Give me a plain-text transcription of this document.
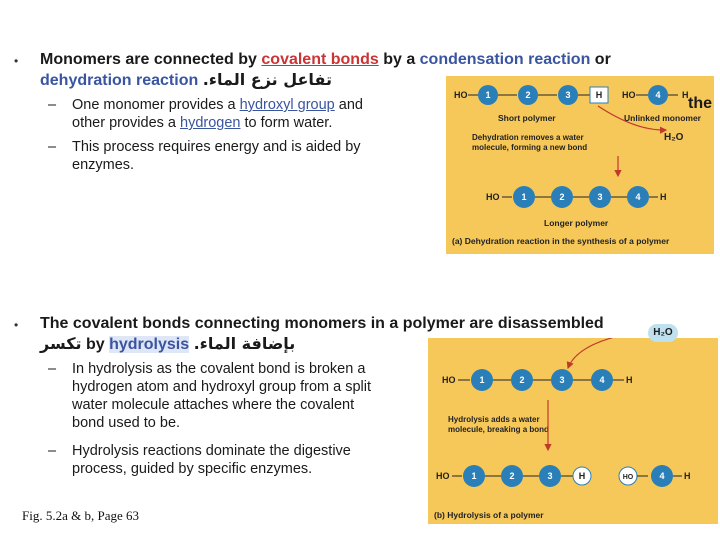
• Monomers are connected by covalent bonds by a condensation reaction or
dehydration reaction تفاعل نزع الماء.
–	One monomer provides a hydroxyl group and
other provides a hydrogen to form water.
–	This process requires energy and is aided by
enzymes.
HO 1	2	3	H HO 4 H
Short polymer	Unlinked monomer
Dehydration removes a water
molecule, forming a new bond
H₂O
HO 1	2	3	4 H
Longer polymer
(a) Dehydration reaction in the synthesis of a polymer
the
• The covalent bonds connecting monomers in a polymer are disassembled
تكسر by hydrolysis بإضافة الماء.
–	In hydrolysis as the covalent bond is broken a
hydrogen atom and hydroxyl group from a split
water molecule attaches where the covalent
bond used to be.
–	Hydrolysis reactions dominate the digestive
process, guided by specific enzymes.
HO	1	2	3	4 H
Hydrolysis adds a water
molecule, breaking a bond
HO 1	2	3	H	HO	4 H
(b) Hydrolysis of a polymer
H₂O
Fig. 5.2a & b, Page 63
